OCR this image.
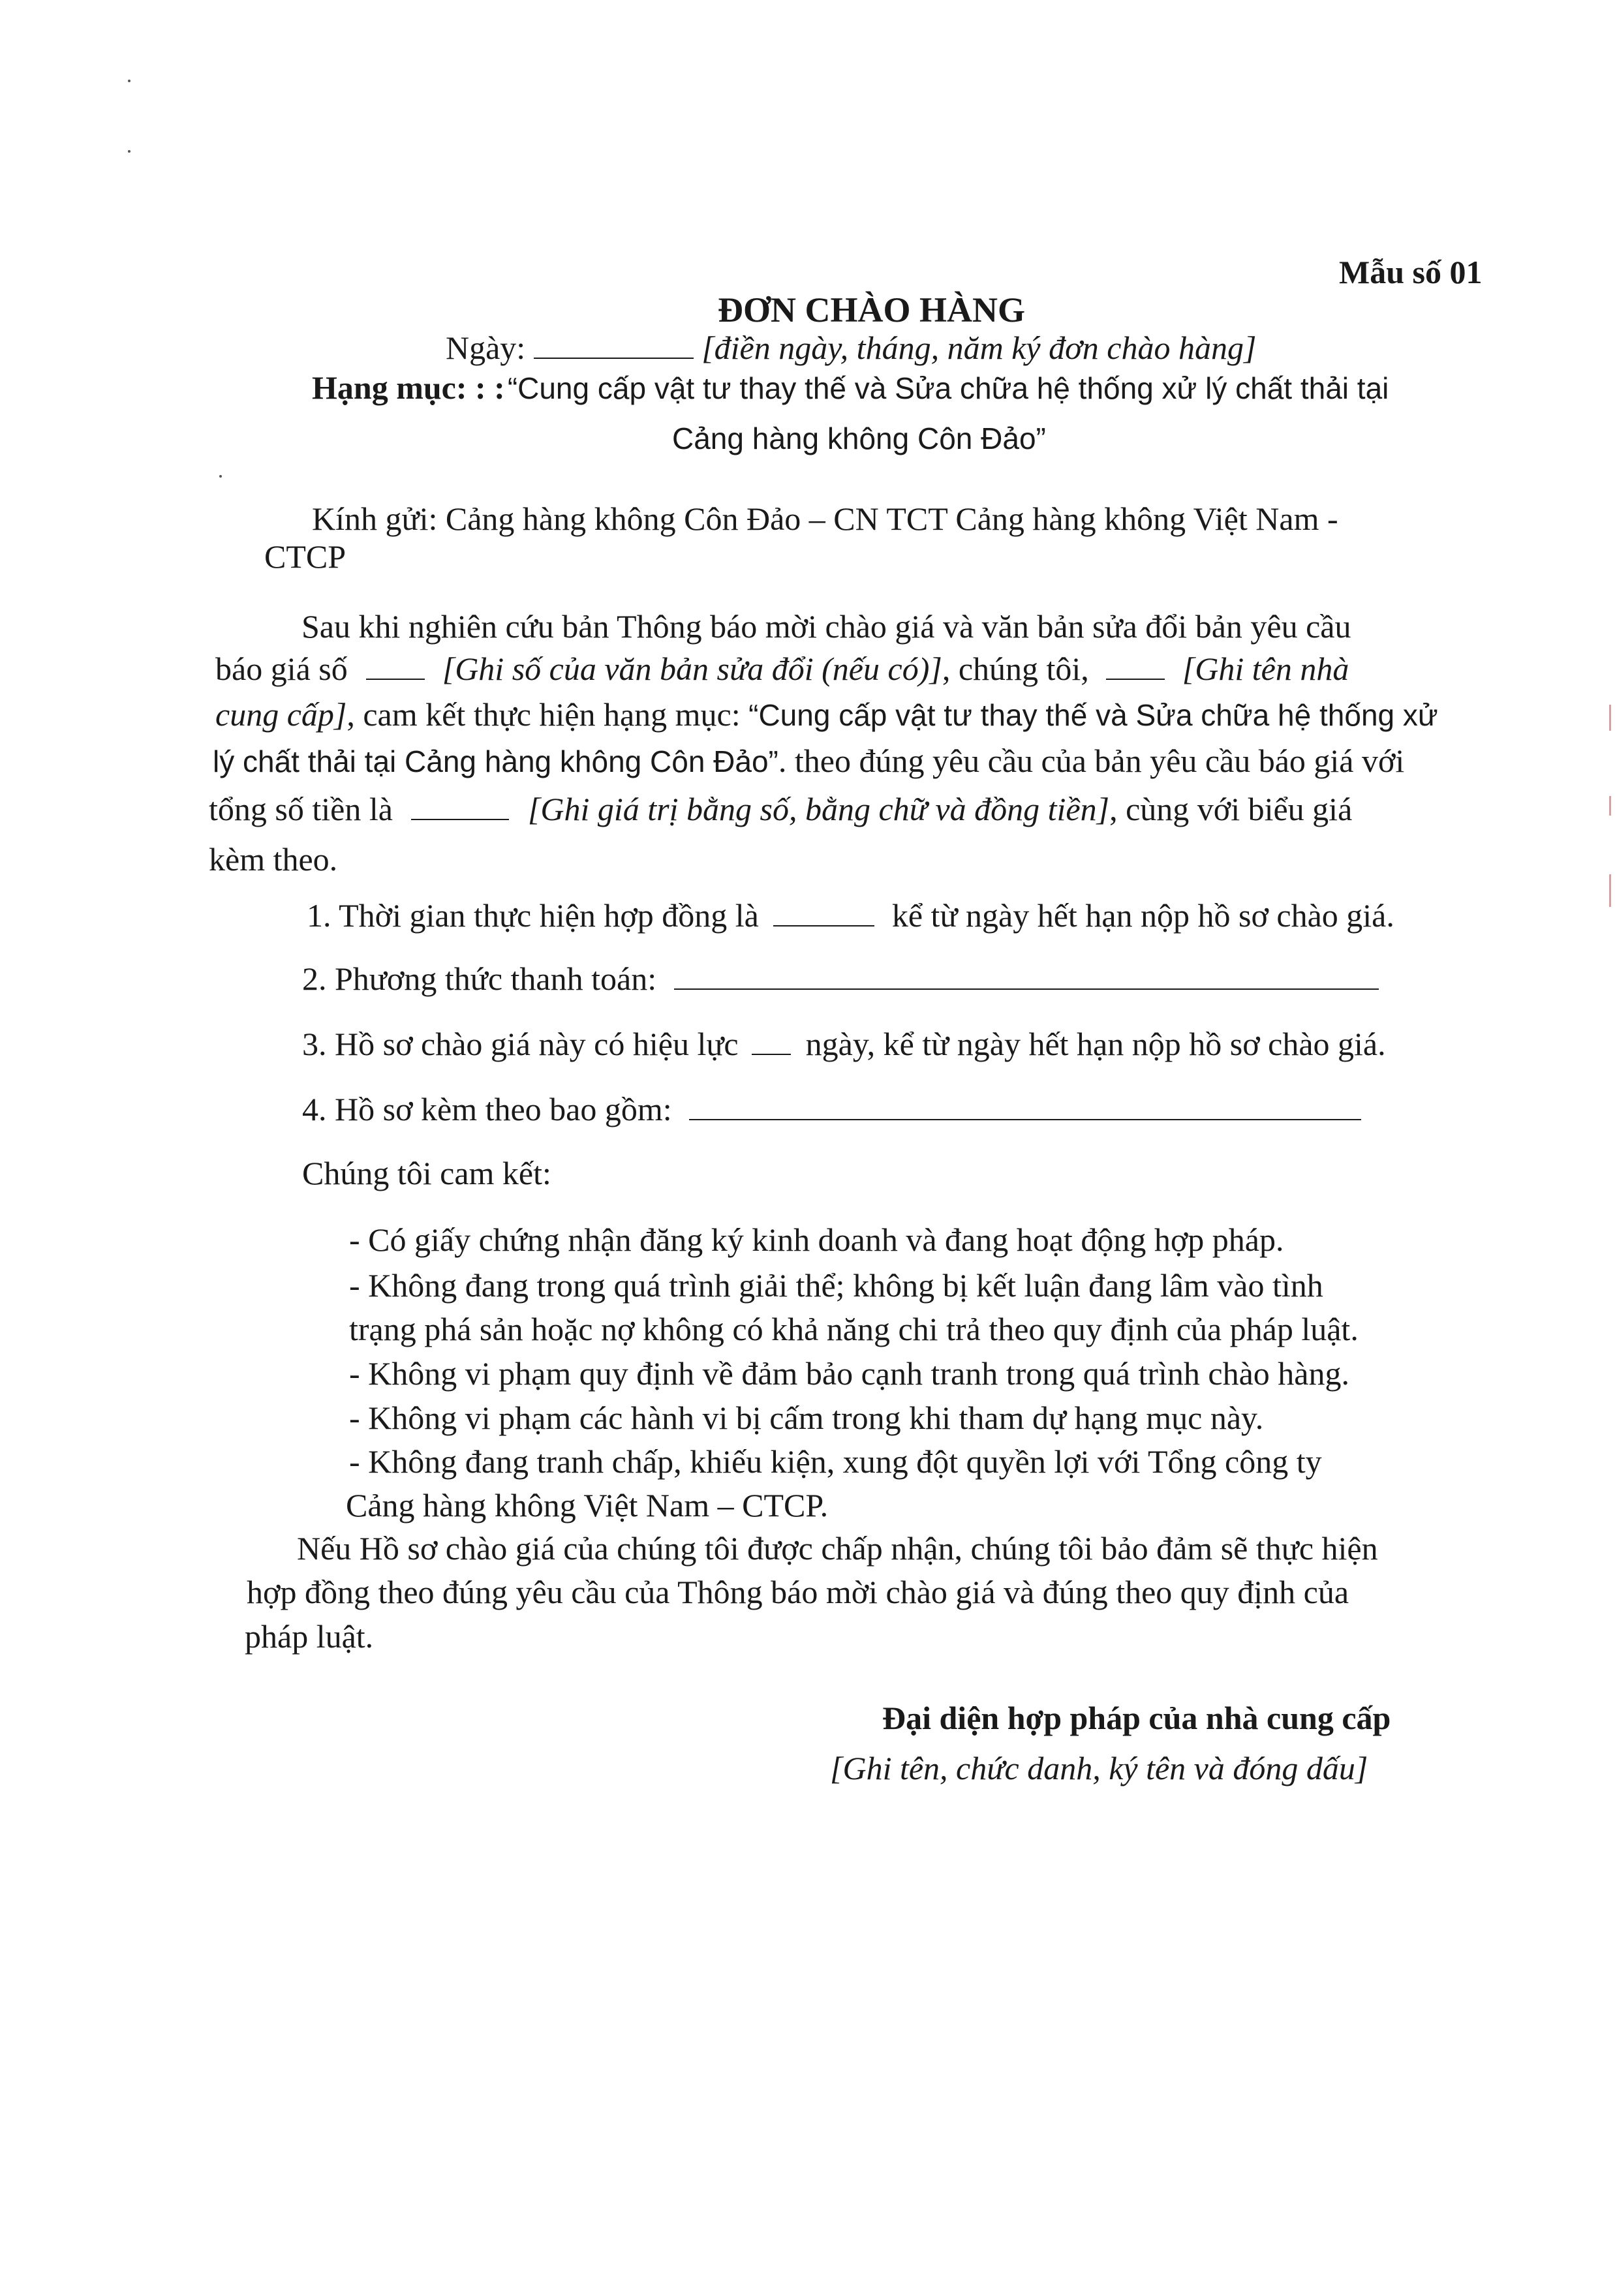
Mẫu số 01
ĐƠN CHÀO HÀNG
Ngày:	[điền ngày, tháng, năm ký đơn chào hàng]
Hạng mục: : : “Cung cấp vật tư thay thế và Sửa chữa hệ thống xử lý chất thải tại
Cảng hàng không Côn Đảo”
Kính gửi: Cảng hàng không Côn Đảo – CN TCT Cảng hàng không Việt Nam -
CTCP
Sau khi nghiên cứu bản Thông báo mời chào giá và văn bản sửa đổi bản yêu cầu
báo giá số	[Ghi số của văn bản sửa đổi (nếu có)], chúng tôi,	[Ghi tên nhà
cung cấp], cam kết thực hiện hạng mục: “Cung cấp vật tư thay thế và Sửa chữa hệ thống xử
lý chất thải tại Cảng hàng không Côn Đảo”. theo đúng yêu cầu của bản yêu cầu báo giá với
tổng số tiền là	[Ghi giá trị bằng số, bằng chữ và đồng tiền], cùng với biểu giá
kèm theo.
1. Thời gian thực hiện hợp đồng là	kể từ ngày hết hạn nộp hồ sơ chào giá.
2. Phương thức thanh toán:
3. Hồ sơ chào giá này có hiệu lực ngày, kể từ ngày hết hạn nộp hồ sơ chào giá.
4. Hồ sơ kèm theo bao gồm:
Chúng tôi cam kết:
- Có giấy chứng nhận đăng ký kinh doanh và đang hoạt động hợp pháp.
- Không đang trong quá trình giải thể; không bị kết luận đang lâm vào tình
trạng phá sản hoặc nợ không có khả năng chi trả theo quy định của pháp luật.
- Không vi phạm quy định về đảm bảo cạnh tranh trong quá trình chào hàng.
- Không vi phạm các hành vi bị cấm trong khi tham dự hạng mục này.
- Không đang tranh chấp, khiếu kiện, xung đột quyền lợi với Tổng công ty
Cảng hàng không Việt Nam – CTCP.
Nếu Hồ sơ chào giá của chúng tôi được chấp nhận, chúng tôi bảo đảm sẽ thực hiện
hợp đồng theo đúng yêu cầu của Thông báo mời chào giá và đúng theo quy định của
pháp luật.
Đại diện hợp pháp của nhà cung cấp
[Ghi tên, chức danh, ký tên và đóng dấu]
